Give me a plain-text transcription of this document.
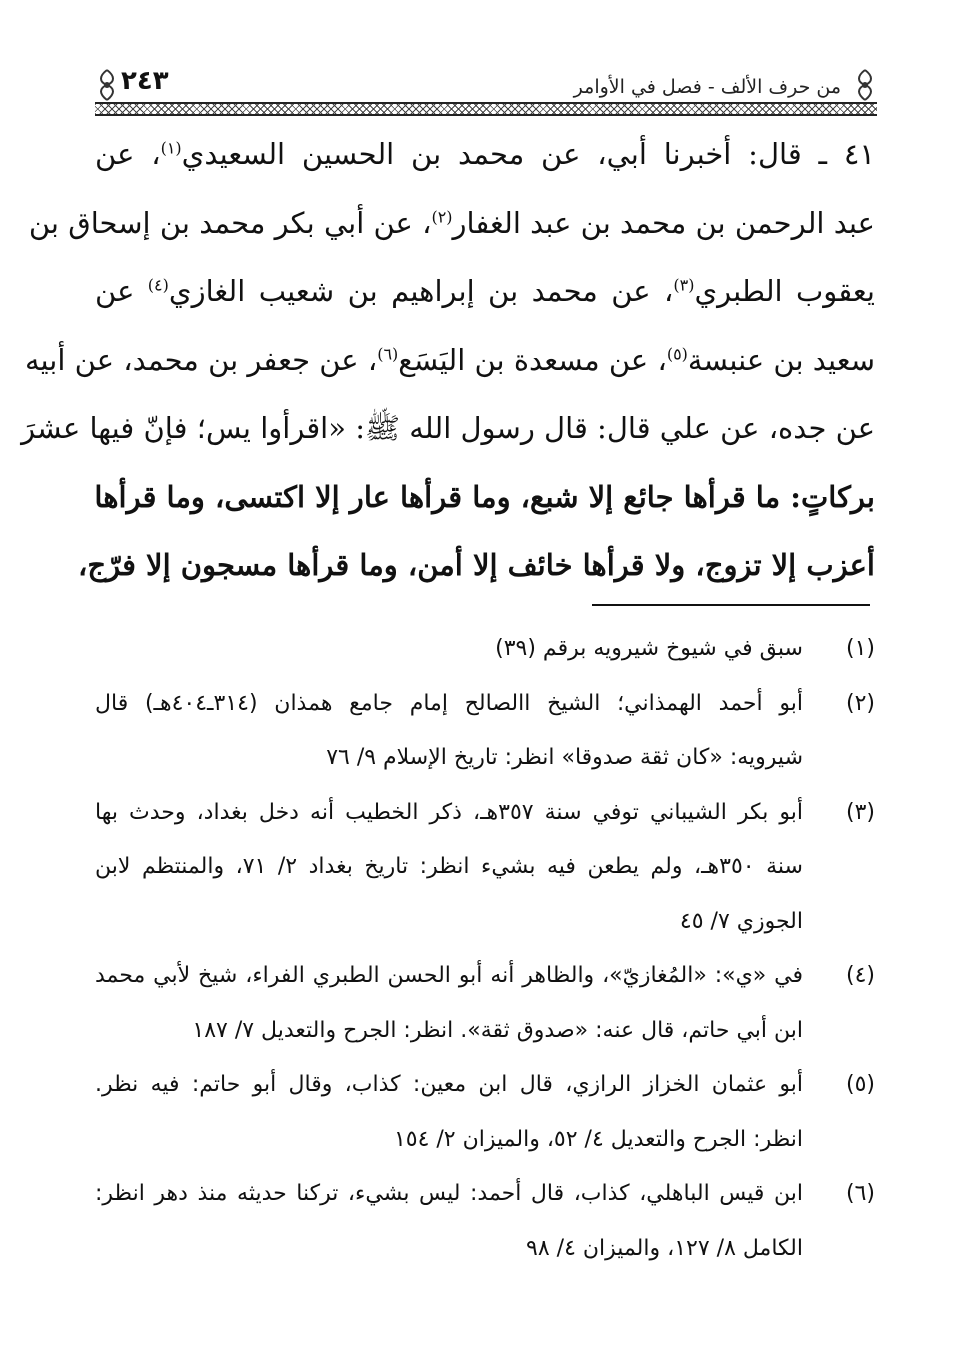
من حرف الألف - فصل في الأوامر
٢٤٣

٤١ ـ قال: أخبرنا أبي، عن محمد بن الحسين السعيدي$^{(١)}$، عن

عبد الرحمن بن محمد بن عبد الغفار$^{(٢)}$، عن أبي بكر محمد بن إسحاق بن

يعقوب الطبري$^{(٣)}$، عن محمد بن إبراهيم بن شعيب الغازي$^{(٤)}$ عن

سعيد بن عنبسة$^{(٥)}$، عن مسعدة بن اليَسَع$^{(٦)}$، عن جعفر بن محمد، عن أبيه

عن جده، عن علي قال: قال رسول الله ﷺ: «اقرأوا يس؛ فإنّ فيها عشرَ

بركاتٍ: ما قرأها جائع إلا شبع، وما قرأها عار إلا اكتسى، وما قرأها

أعزب إلا تزوج، ولا قرأها خائف إلا أمن، وما قرأها مسجون إلا فرّج،

(١)
سبق في شيوخ شيرويه برقم (٣٩)
(٢)
أبو أحمد الهمذاني؛ الشيخ االصالح إمام جامع همذان (٣١٤ـ٤٠٤هـ) قال
شيرويه: «كان ثقة صدوقا» انظر: تاريخ الإسلام ٩/ ٧٦
(٣)
أبو بكر الشيباني توفي سنة ٣٥٧هـ، ذكر الخطيب أنه دخل بغداد، وحدث بها
سنة ٣٥٠هـ، ولم يطعن فيه بشيء انظر: تاريخ بغداد ٢/ ٧١، والمنتظم لابن
الجوزي ٧/ ٤٥
(٤)
في «ي»: «المُغازيّ»، والظاهر أنه أبو الحسن الطبري الفراء، شيخ لأبي محمد
ابن أبي حاتم، قال عنه: «صدوق ثقة». انظر: الجرح والتعديل ٧/ ١٨٧
(٥)
أبو عثمان الخزاز الرازي، قال ابن معين: كذاب، وقال أبو حاتم: فيه نظر.
انظر: الجرح والتعديل ٤/ ٥٢، والميزان ٢/ ١٥٤
(٦)
ابن قيس الباهلي، كذاب، قال أحمد: ليس بشيء، تركنا حديثه منذ دهر انظر:
الكامل ٨/ ١٢٧، والميزان ٤/ ٩٨
